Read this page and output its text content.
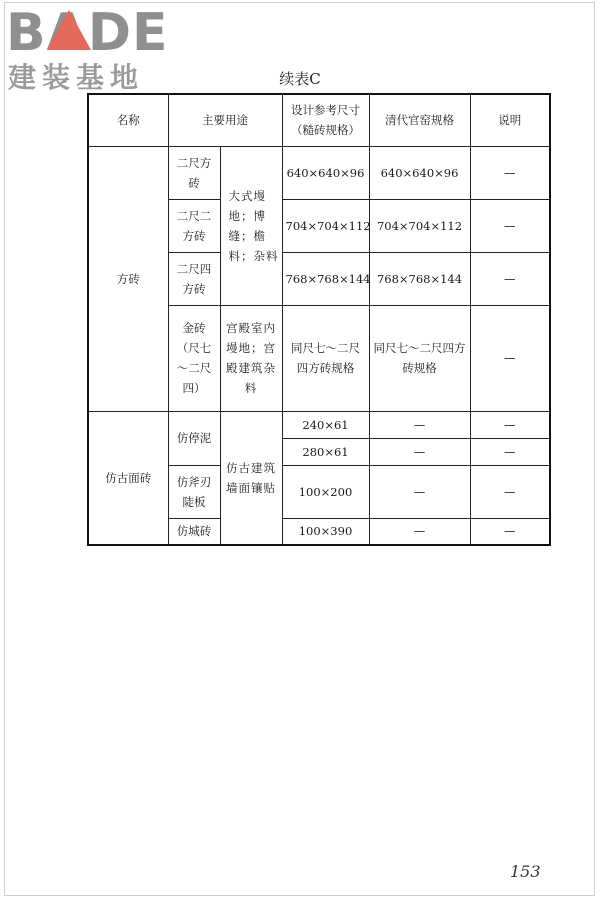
BADE
建装基地	续表C
名称	主要用途		设计参考尺寸（糙砖规格）	清代官窑规格	说明
方砖	二尺方砖	大式墁地；博缝；檐料；杂料	640×640×96	640×640×96	—
	二尺二方砖		704×704×112	704×704×112	—
	二尺四方砖		768×768×144	768×768×144	—
	金砖（尺七～二尺四）	宫殿室内墁地；宫殿建筑杂料	同尺七～二尺四方砖规格	同尺七～二尺四方砖规格	—
仿古面砖	仿停泥	仿古建筑墙面镶贴	240×61	—	—
			280×61	—	—
	仿斧刃陡板		100×200	—	—
	仿城砖		100×390	—	—
153
